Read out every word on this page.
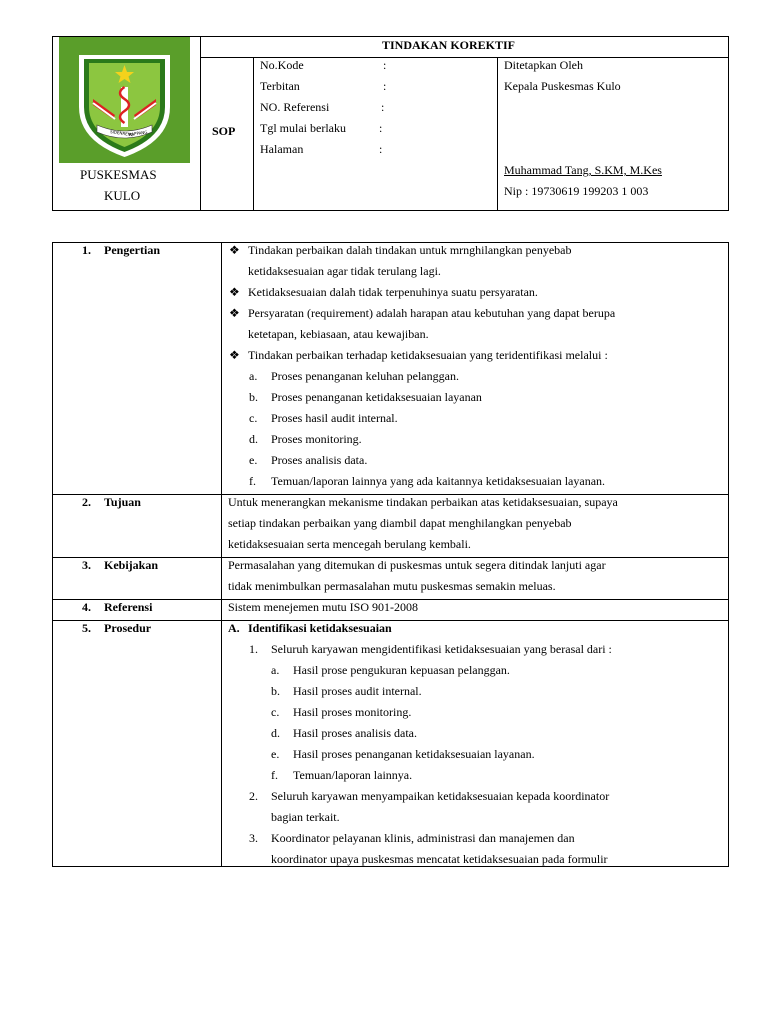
SIDENRENG
RAPPANG
PUSKESMAS
KULO
TINDAKAN KOREKTIF
SOP
No.Kode	:
Terbitan	:
NO. Referensi	:
Tgl mulai berlaku	:
Halaman	:
Ditetapkan Oleh
Kepala Puskesmas Kulo
Muhammad Tang, S.KM, M.Kes
Nip : 19730619 199203 1 003
1. Pengertian	❖ Tindakan perbaikan dalah tindakan untuk mrnghilangkan penyebab
ketidaksesuaian agar tidak terulang lagi.
❖ Ketidaksesuaian dalah tidak terpenuhinya suatu persyaratan.
❖ Persyaratan (requirement) adalah harapan atau kebutuhan yang dapat berupa
ketetapan, kebiasaan, atau kewajiban.
❖ Tindakan perbaikan terhadap ketidaksesuaian yang teridentifikasi melalui :
a. Proses penanganan keluhan pelanggan.
b. Proses penanganan ketidaksesuaian layanan
c. Proses hasil audit internal.
d. Proses monitoring.
e. Proses analisis data.
f. Temuan/laporan lainnya yang ada kaitannya ketidaksesuaian layanan.
2. Tujuan	Untuk menerangkan mekanisme tindakan perbaikan atas ketidaksesuaian, supaya
setiap tindakan perbaikan yang diambil dapat menghilangkan penyebab
ketidaksesuaian serta mencegah berulang kembali.
3. Kebijakan	Permasalahan yang ditemukan di puskesmas untuk segera ditindak lanjuti agar
tidak menimbulkan permasalahan mutu puskesmas semakin meluas.
4. Referensi	Sistem menejemen mutu ISO 901-2008
5. Prosedur	A. Identifikasi ketidaksesuaian
1. Seluruh karyawan mengidentifikasi ketidaksesuaian yang berasal dari :
a. Hasil prose pengukuran kepuasan pelanggan.
b. Hasil proses audit internal.
c. Hasil proses monitoring.
d. Hasil proses analisis data.
e. Hasil proses penanganan ketidaksesuaian layanan.
f. Temuan/laporan lainnya.
2. Seluruh karyawan menyampaikan ketidaksesuaian kepada koordinator
bagian terkait.
3. Koordinator pelayanan klinis, administrasi dan manajemen dan
koordinator upaya puskesmas mencatat ketidaksesuaian pada formulir
